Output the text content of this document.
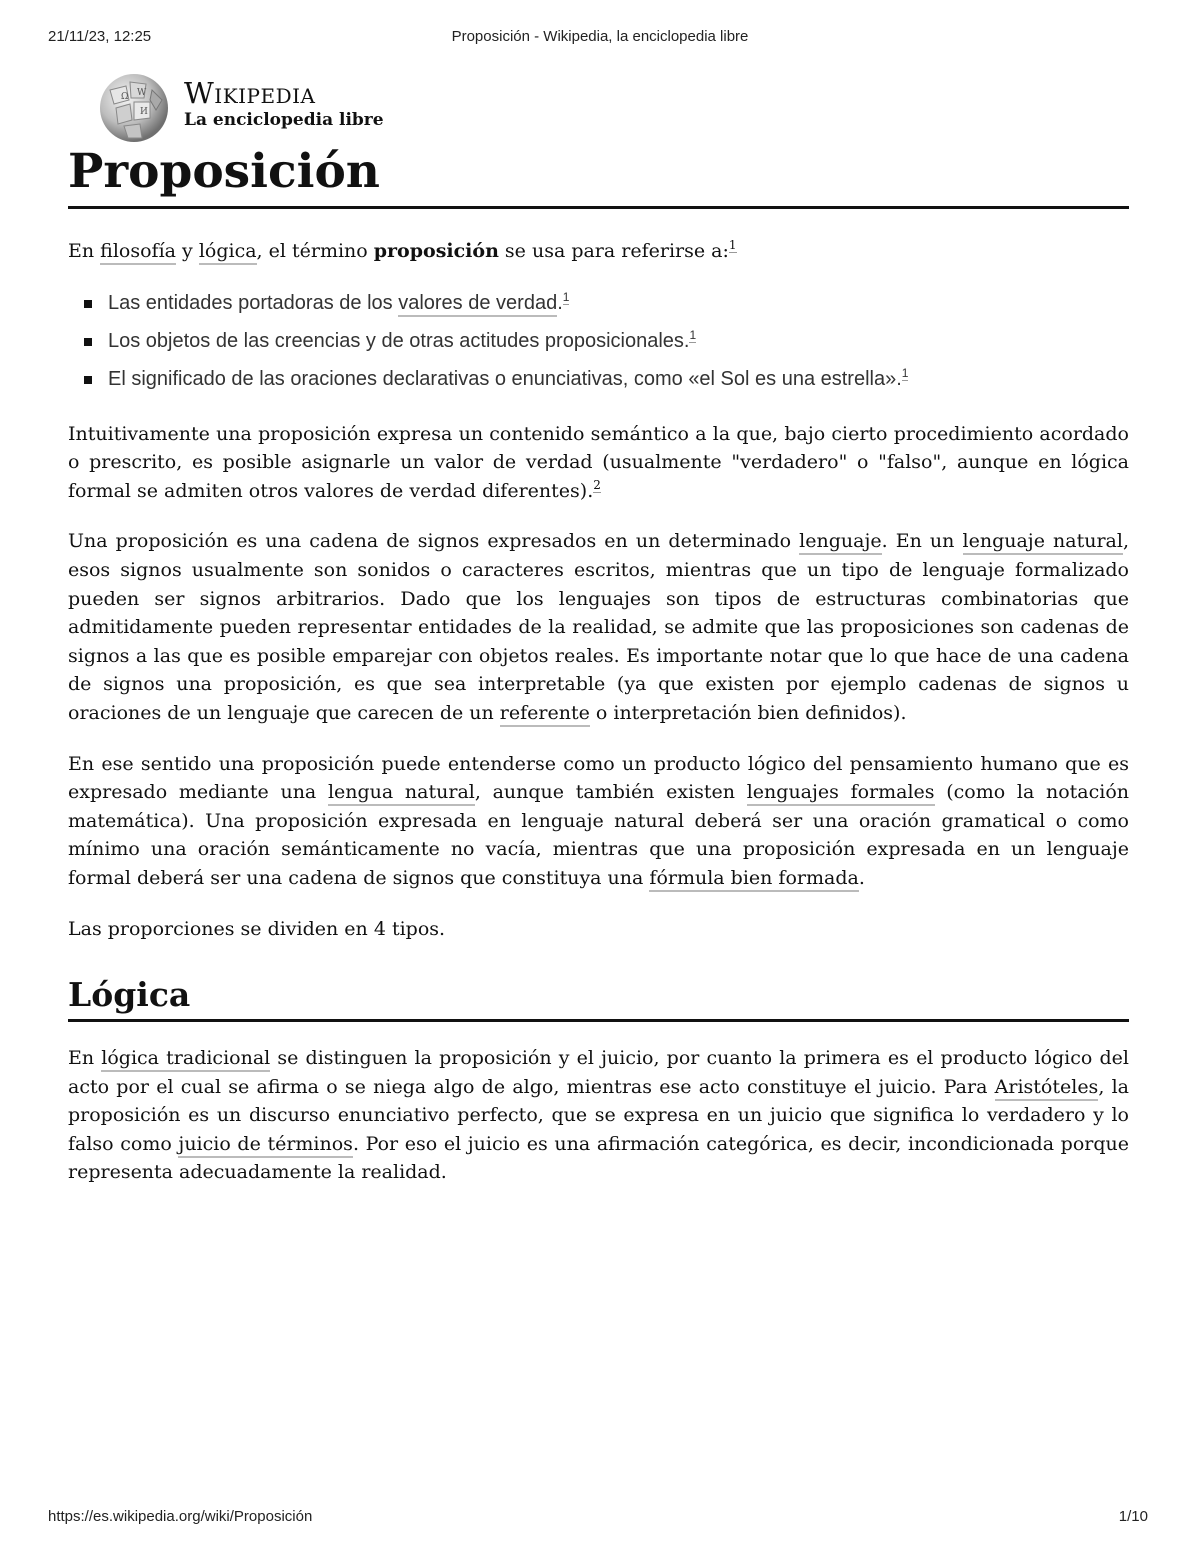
21/11/23, 12:25	Proposición - Wikipedia, la enciclopedia libre
Ω W
И
Wikipedia
La enciclopedia libre
Proposición

En filosofía y lógica, el término proposición se usa para referirse a:$^1$

Las entidades portadoras de los valores de verdad.$^1$
Los objetos de las creencias y de otras actitudes proposicionales.$^1$
El significado de las oraciones declarativas o enunciativas, como «el Sol es una estrella».$^1$

Intuitivamente una proposición expresa un contenido semántico a la que, bajo cierto procedimiento acordado o prescrito, es posible asignarle un valor de verdad (usualmente "verdadero" o "falso", aunque en lógica formal se admiten otros valores de verdad diferentes).$^2$

Una proposición es una cadena de signos expresados en un determinado lenguaje. En un lenguaje natural, esos signos usualmente son sonidos o caracteres escritos, mientras que un tipo de lenguaje formalizado pueden ser signos arbitrarios. Dado que los lenguajes son tipos de estructuras combinatorias que admitidamente pueden representar entidades de la realidad, se admite que las proposiciones son cadenas de signos a las que es posible emparejar con objetos reales. Es importante notar que lo que hace de una cadena de signos una proposición, es que sea interpretable (ya que existen por ejemplo cadenas de signos u oraciones de un lenguaje que carecen de un referente o interpretación bien definidos).

En ese sentido una proposición puede entenderse como un producto lógico del pensamiento humano que es expresado mediante una lengua natural, aunque también existen lenguajes formales (como la notación matemática). Una proposición expresada en lenguaje natural deberá ser una oración gramatical o como mínimo una oración semánticamente no vacía, mientras que una proposición expresada en un lenguaje formal deberá ser una cadena de signos que constituya una fórmula bien formada.

Las proporciones se dividen en 4 tipos.

Lógica

En lógica tradicional se distinguen la proposición y el juicio, por cuanto la primera es el producto lógico del acto por el cual se afirma o se niega algo de algo, mientras ese acto constituye el juicio. Para Aristóteles, la proposición es un discurso enunciativo perfecto, que se expresa en un juicio que significa lo verdadero y lo falso como juicio de términos. Por eso el juicio es una afirmación categórica, es decir, incondicionada porque representa adecuadamente la realidad.

https://es.wikipedia.org/wiki/Proposición	1/10
